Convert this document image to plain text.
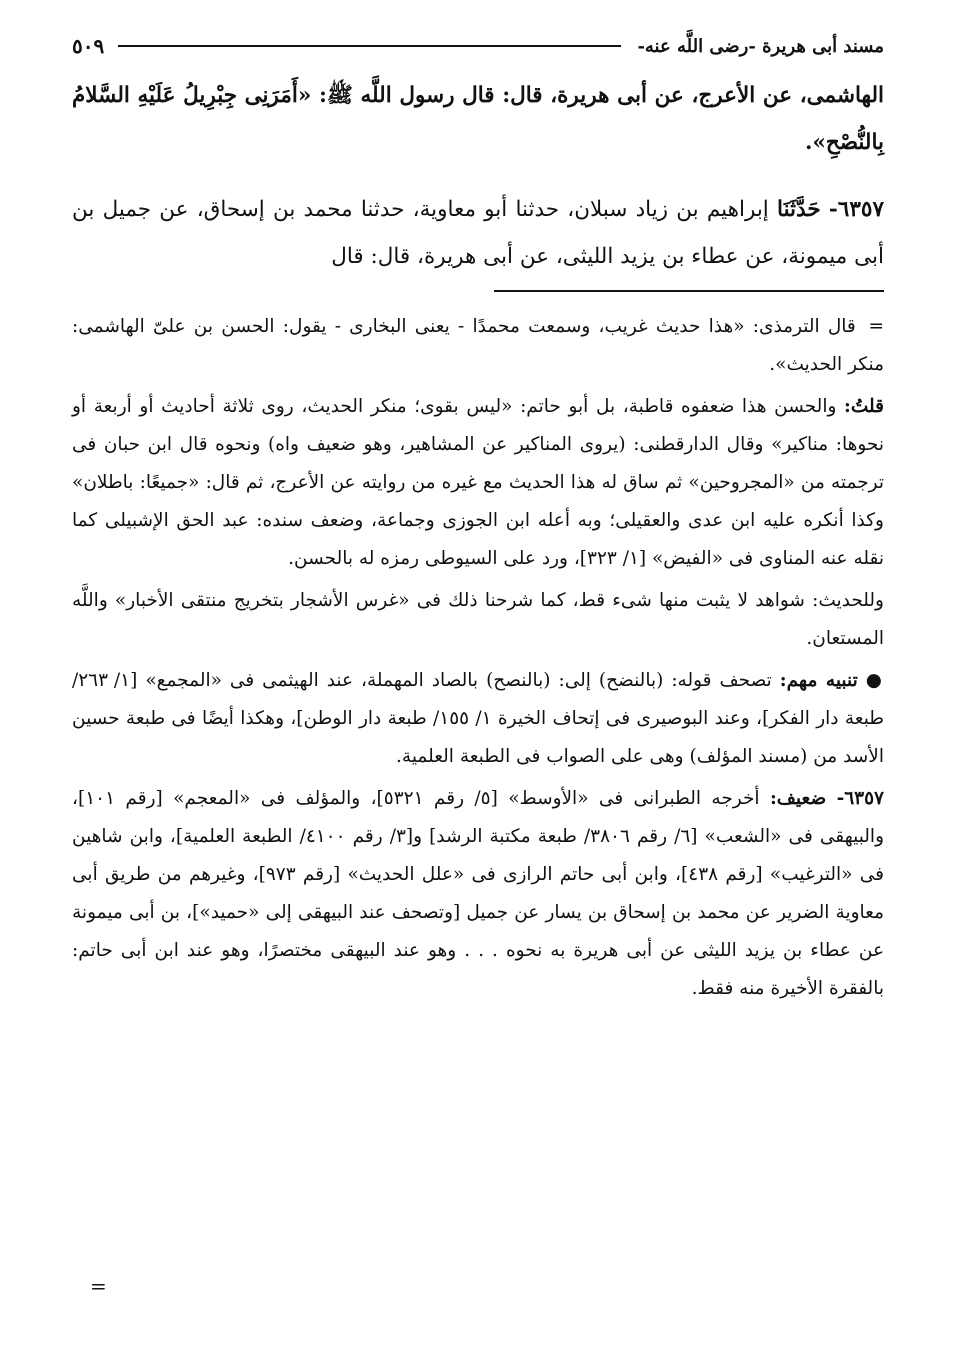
مسند أبى هريرة -رضى اللَّه عنه-
٥٠٩

الهاشمى، عن الأعرج، عن أبى هريرة، قال: قال رسول اللَّه ﷺ: «أَمَرَنِى جِبْرِيلُ عَلَيْهِ السَّلامُ بِالنُّصْحِ».

٦٣٥٧- حَدَّثَنَا إبراهيم بن زياد سبلان، حدثنا أبو معاوية، حدثنا محمد بن إسحاق، عن جميل بن أبى ميمونة، عن عطاء بن يزيد الليثى، عن أبى هريرة، قال: قال

= قال الترمذى: «هذا حديث غريب، وسمعت محمدًا - يعنى البخارى - يقول: الحسن بن علىّ الهاشمى: منكر الحديث».

قلتُ: والحسن هذا ضعفوه قاطبة، بل أبو حاتم: «ليس بقوى؛ منكر الحديث، روى ثلاثة أحاديث أو أربعة أو نحوها: مناكير» وقال الدارقطنى: (يروى المناكير عن المشاهير، وهو ضعيف واه) ونحوه قال ابن حبان فى ترجمته من «المجروحين» ثم ساق له هذا الحديث مع غيره من روايته عن الأعرج، ثم قال: «جميعًا: باطلان» وكذا أنكره عليه ابن عدى والعقيلى؛ وبه أعله ابن الجوزى وجماعة، وضعف سنده: عبد الحق الإشبيلى كما نقله عنه المناوى فى «الفيض» [١/ ٣٢٣]، ورد على السيوطى رمزه له بالحسن.

وللحديث: شواهد لا يثبت منها شىء قط، كما شرحنا ذلك فى «غرس الأشجار بتخريج منتقى الأخبار» واللَّه المستعان.

● تنبيه مهم: تصحف قوله: (بالنضح) إلى: (بالنصح) بالصاد المهملة، عند الهيثمى فى «المجمع» [١/ ٢٦٣/ طبعة دار الفكر]، وعند البوصيرى فى إتحاف الخيرة ١/ ١٥٥/ طبعة دار الوطن]، وهكذا أيضًا فى طبعة حسين الأسد من (مسند المؤلف) وهى على الصواب فى الطبعة العلمية.

٦٣٥٧- ضعيف: أخرجه الطبرانى فى «الأوسط» [٥/ رقم ٥٣٢١]، والمؤلف فى «المعجم» [رقم ١٠١]، والبيهقى فى «الشعب» [٦/ رقم ٣٨٠٦/ طبعة مكتبة الرشد] و[٣/ رقم ٤١٠٠/ الطبعة العلمية]، وابن شاهين فى «الترغيب» [رقم ٤٣٨]، وابن أبى حاتم الرازى فى «علل الحديث» [رقم ٩٧٣]، وغيرهم من طريق أبى معاوية الضرير عن محمد بن إسحاق بن يسار عن جميل [وتصحف عند البيهقى إلى «حميد»]، بن أبى ميمونة عن عطاء بن يزيد الليثى عن أبى هريرة به نحوه . . . وهو عند البيهقى مختصرًا، وهو عند ابن أبى حاتم: بالفقرة الأخيرة منه فقط.

=
